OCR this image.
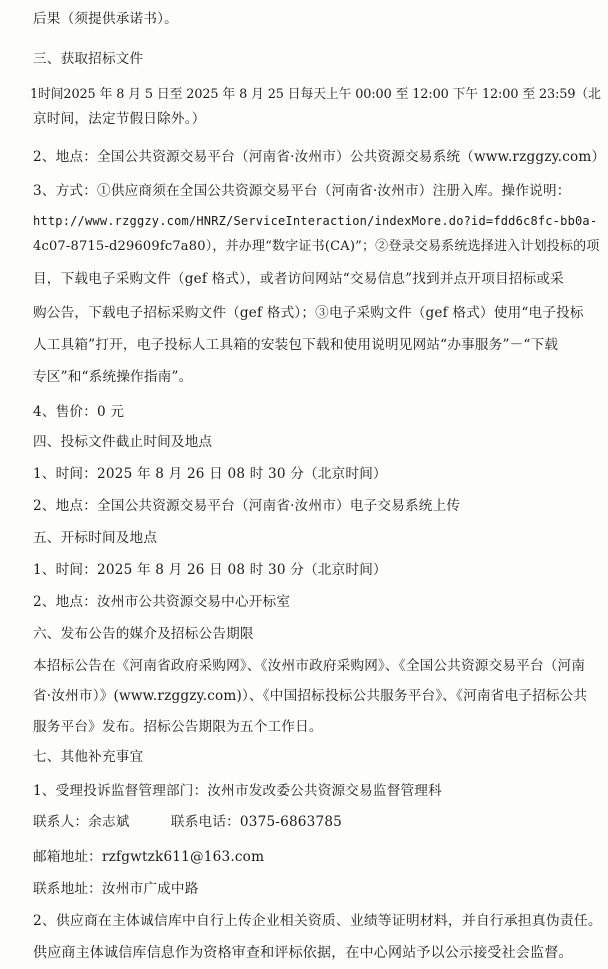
后果（须提供承诺书）。
三、获取招标文件
1时间2025 年 8 月 5 日至 2025 年 8 月 25 日每天上午 00:00 至 12:00 下午 12:00 至 23:59（北
京时间，法定节假日除外。）
2、地点：全国公共资源交易平台（河南省·汝州市）公共资源交易系统（www.rzggzy.com）
3、方式：①供应商须在全国公共资源交易平台（河南省·汝州市）注册入库。操作说明：
http://www.rzggzy.com/HNRZ/ServiceInteraction/indexMore.do?id=fdd6c8fc-bb0a-
4c07-8715-d29609fc7a80），并办理“数字证书(CA)”；②登录交易系统选择进入计划投标的项
目，下载电子采购文件（gef 格式），或者访问网站“交易信息”找到并点开项目招标或采
购公告，下载电子招标采购文件（gef 格式）；③电子采购文件（gef 格式）使用“电子投标
人工具箱”打开，电子投标人工具箱的安装包下载和使用说明见网站“办事服务”－“下载
专区”和“系统操作指南”。
4、售价：0 元
四、投标文件截止时间及地点
1、时间：2025 年 8 月 26 日 08 时 30 分（北京时间）
2、地点：全国公共资源交易平台（河南省·汝州市）电子交易系统上传
五、开标时间及地点
1、时间：2025 年 8 月 26 日 08 时 30 分（北京时间）
2、地点：汝州市公共资源交易中心开标室
六、发布公告的媒介及招标公告期限
本招标公告在《河南省政府采购网》、《汝州市政府采购网》、《全国公共资源交易平台（河南
省·汝州市）》(www.rzggzy.com)）、《中国招标投标公共服务平台》、《河南省电子招标公共
服务平台》发布。招标公告期限为五个工作日。
七、其他补充事宜
1、受理投诉监督管理部门：汝州市发改委公共资源交易监督管理科
联系人：余志斌　　　联系电话：0375-6863785
邮箱地址：rzfgwtzk611@163.com
联系地址：汝州市广成中路
2、供应商在主体诚信库中自行上传企业相关资质、业绩等证明材料，并自行承担真伪责任。
供应商主体诚信库信息作为资格审查和评标依据，在中心网站予以公示接受社会监督。
